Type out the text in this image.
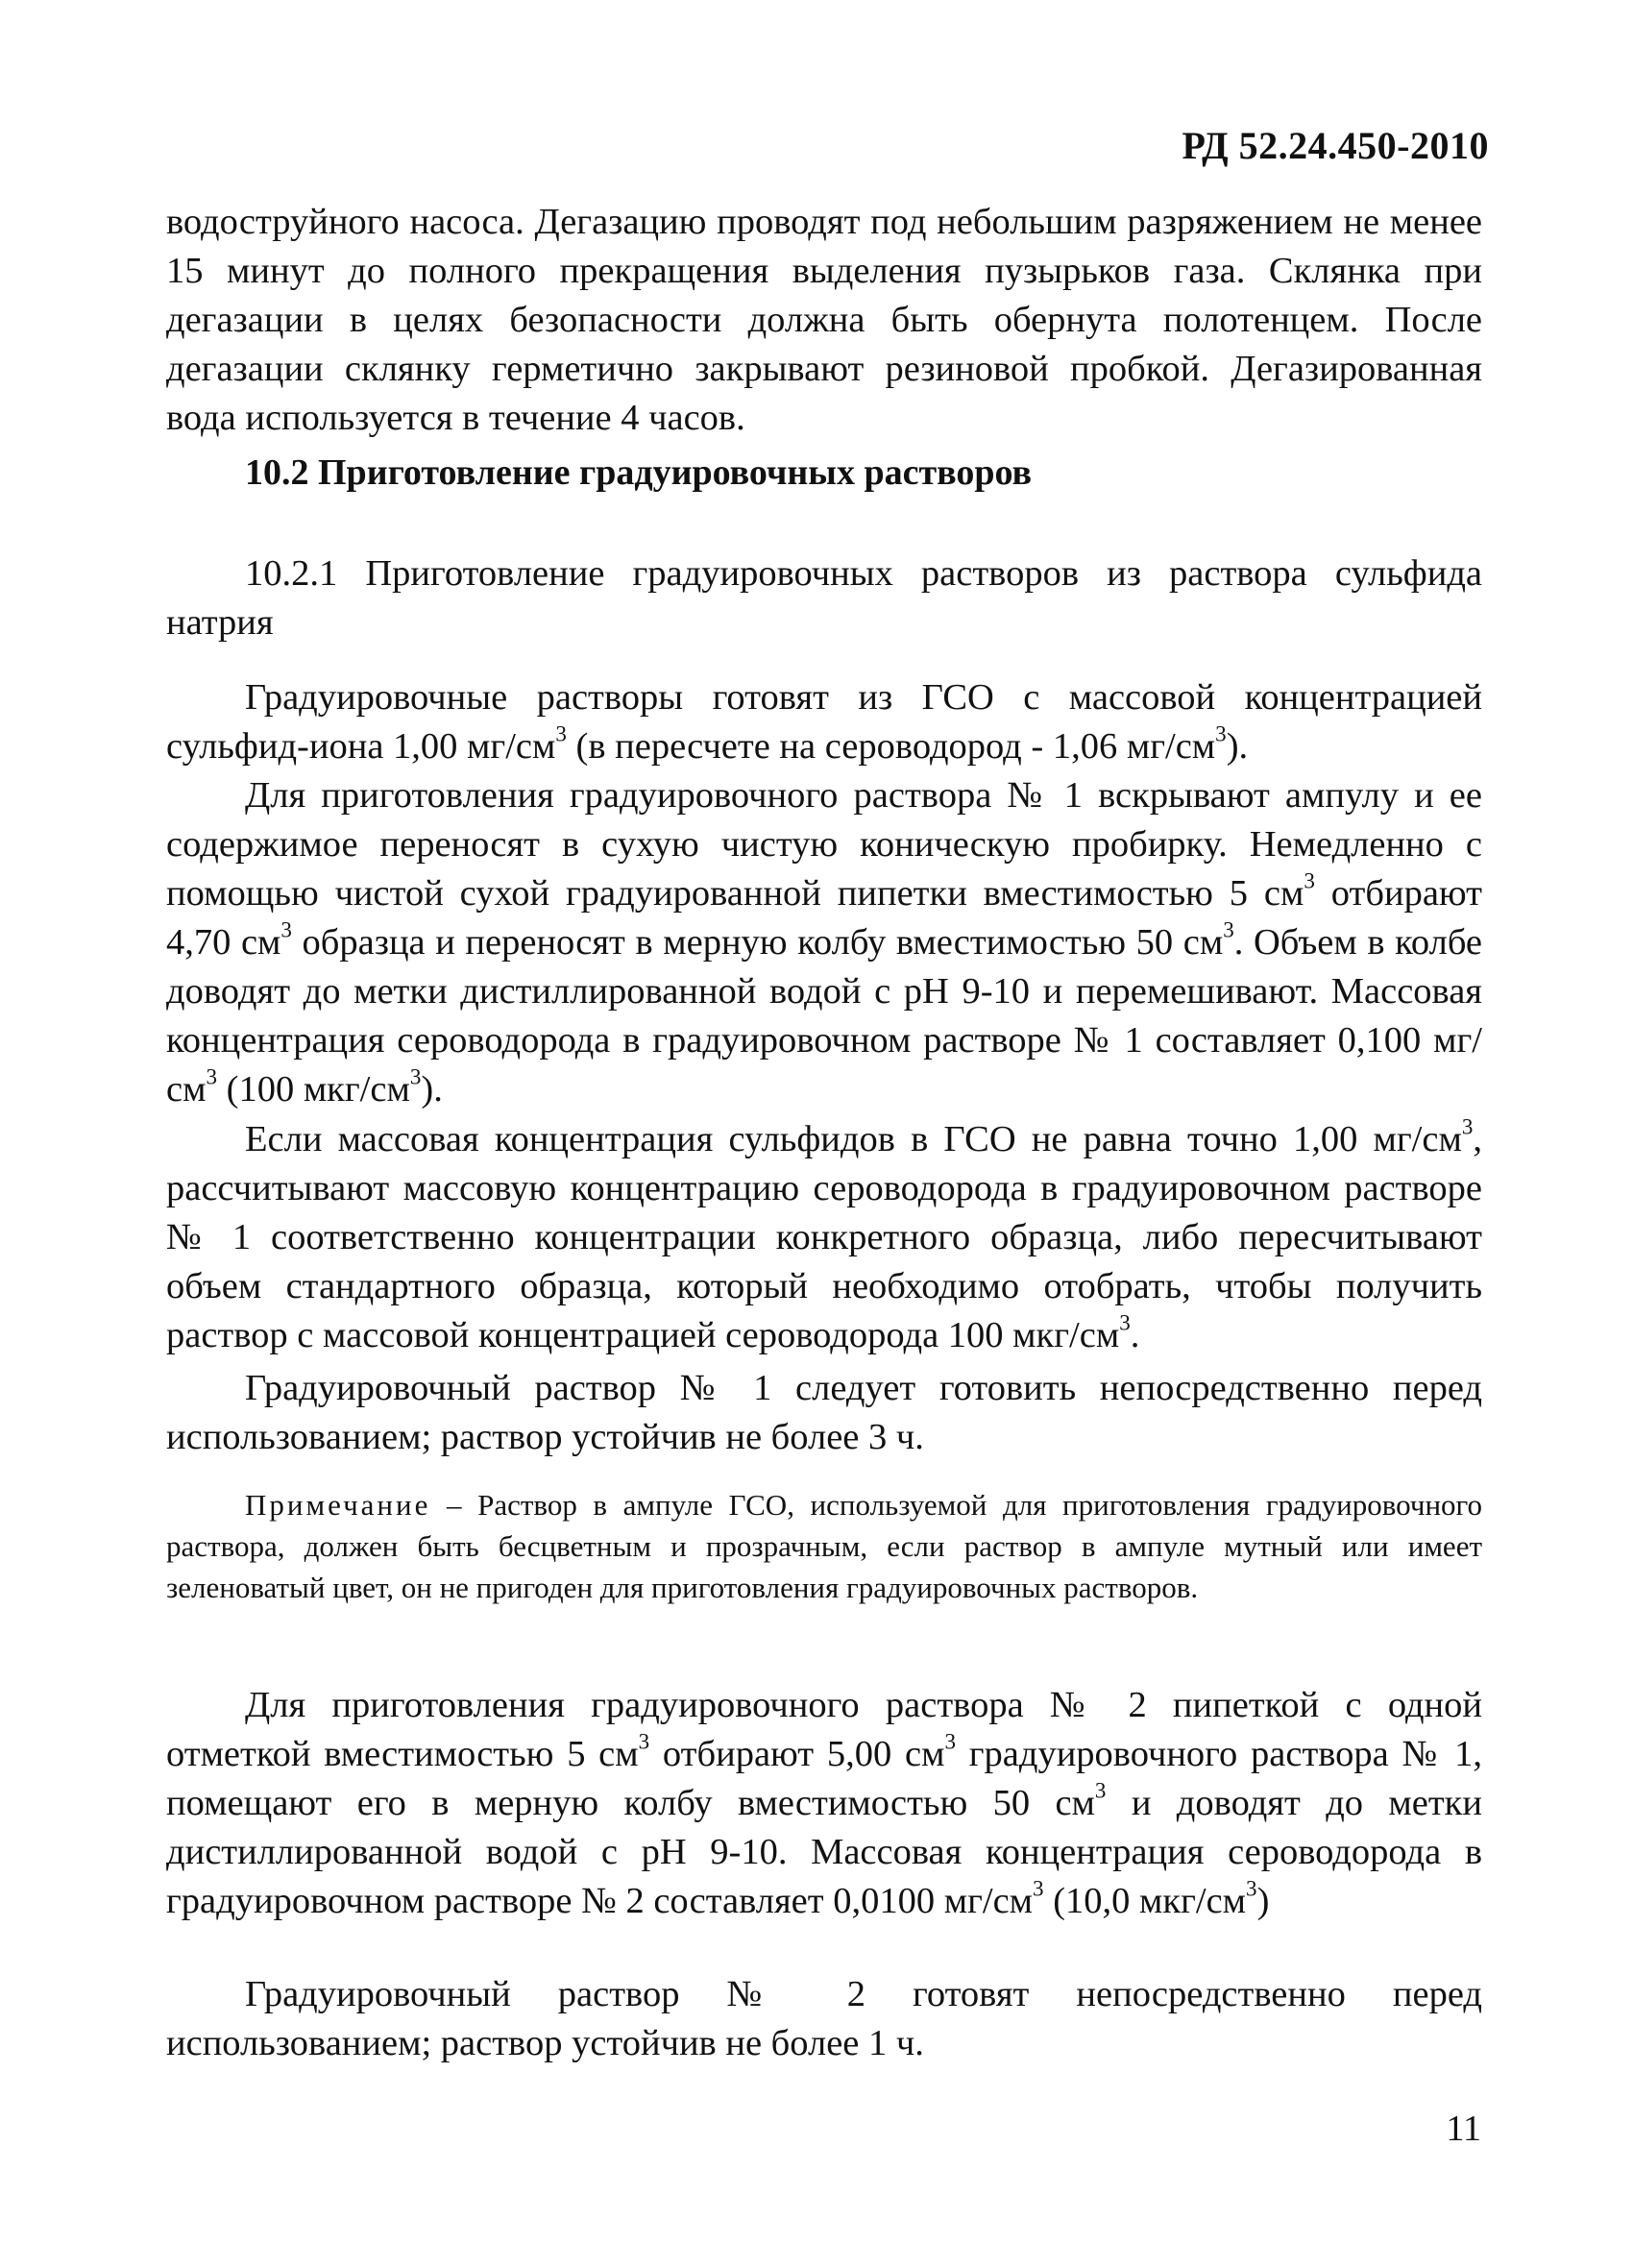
РД 52.24.450-2010

водоструйного насоса. Дегазацию проводят под небольшим разряжением не менее 15 минут до полного прекращения выделения пузырьков газа. Склянка при дегазации в целях безопасности должна быть обернута полотенцем. После дегазации склянку герметично закрывают резиновой пробкой. Дегазированная вода используется в течение 4 часов.

10.2 Приготовление градуировочных растворов

10.2.1 Приготовление градуировочных растворов из раствора сульфида натрия

Градуировочные растворы готовят из ГСО с массовой концентрацией сульфид-иона 1,00 $мг/см^3$ (в пересчете на сероводород - 1,06 $мг/см^3$).

Для приготовления градуировочного раствора № 1 вскрывают ампулу и ее содержимое переносят в сухую чистую коническую пробирку. Немедленно с помощью чистой сухой градуированной пипетки вместимостью 5 $см^3$ отбирают 4,70 $см^3$ образца и переносят в мерную колбу вместимостью 50 $см^3$. Объем в колбе доводят до метки дистиллированной водой с рН 9-10 и перемешивают. Массовая концентрация сероводорода в градуировочном растворе № 1 составляет 0,100 $мг/см^3$ (100 мкг/$см^3$).

Если массовая концентрация сульфидов в ГСО не равна точно 1,00 $мг/см^3$, рассчитывают массовую концентрацию сероводорода в градуировочном растворе № 1 соответственно концентрации конкретного образца, либо пересчитывают объем стандартного образца, который необходимо отобрать, чтобы получить раствор с массовой концентрацией сероводорода 100 мкг/$см^3$.

Градуировочный раствор № 1 следует готовить непосредственно перед использованием; раствор устойчив не более 3 ч.

Примечание – Раствор в ампуле ГСО, используемой для приготовления градуировочного раствора, должен быть бесцветным и прозрачным, если раствор в ампуле мутный или имеет зеленоватый цвет, он не пригоден для приготовления градуировочных растворов.

Для приготовления градуировочного раствора № 2 пипеткой с одной отметкой вместимостью 5 $см^3$ отбирают 5,00 $см^3$ градуировочного раствора № 1, помещают его в мерную колбу вместимостью 50 $см^3$ и доводят до метки дистиллированной водой с рН 9-10. Массовая концентрация сероводорода в градуировочном растворе № 2 составляет 0,0100 $мг/см^3$ (10,0 мкг/$см^3$)

Градуировочный раствор № 2 готовят непосредственно перед использованием; раствор устойчив не более 1 ч.

11
